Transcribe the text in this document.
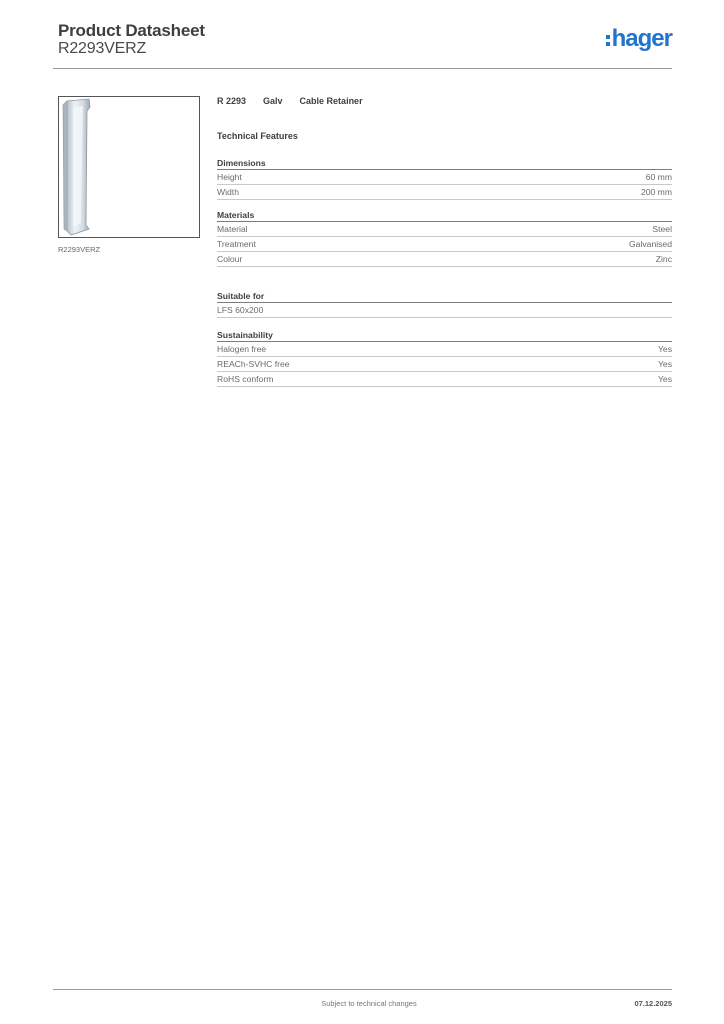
Product Datasheet
R2293VERZ	hager
R2293VERZ
R 2293 Galv Cable Retainer
Technical Features
Dimensions
Height	60 mm
Width	200 mm
Materials
Material	Steel
Treatment	Galvanised
Colour	Zinc
Suitable for
LFS 60x200
Sustainability
Halogen free	Yes
REACh-SVHC free	Yes
RoHS conform	Yes
Subject to technical changes	07.12.2025
